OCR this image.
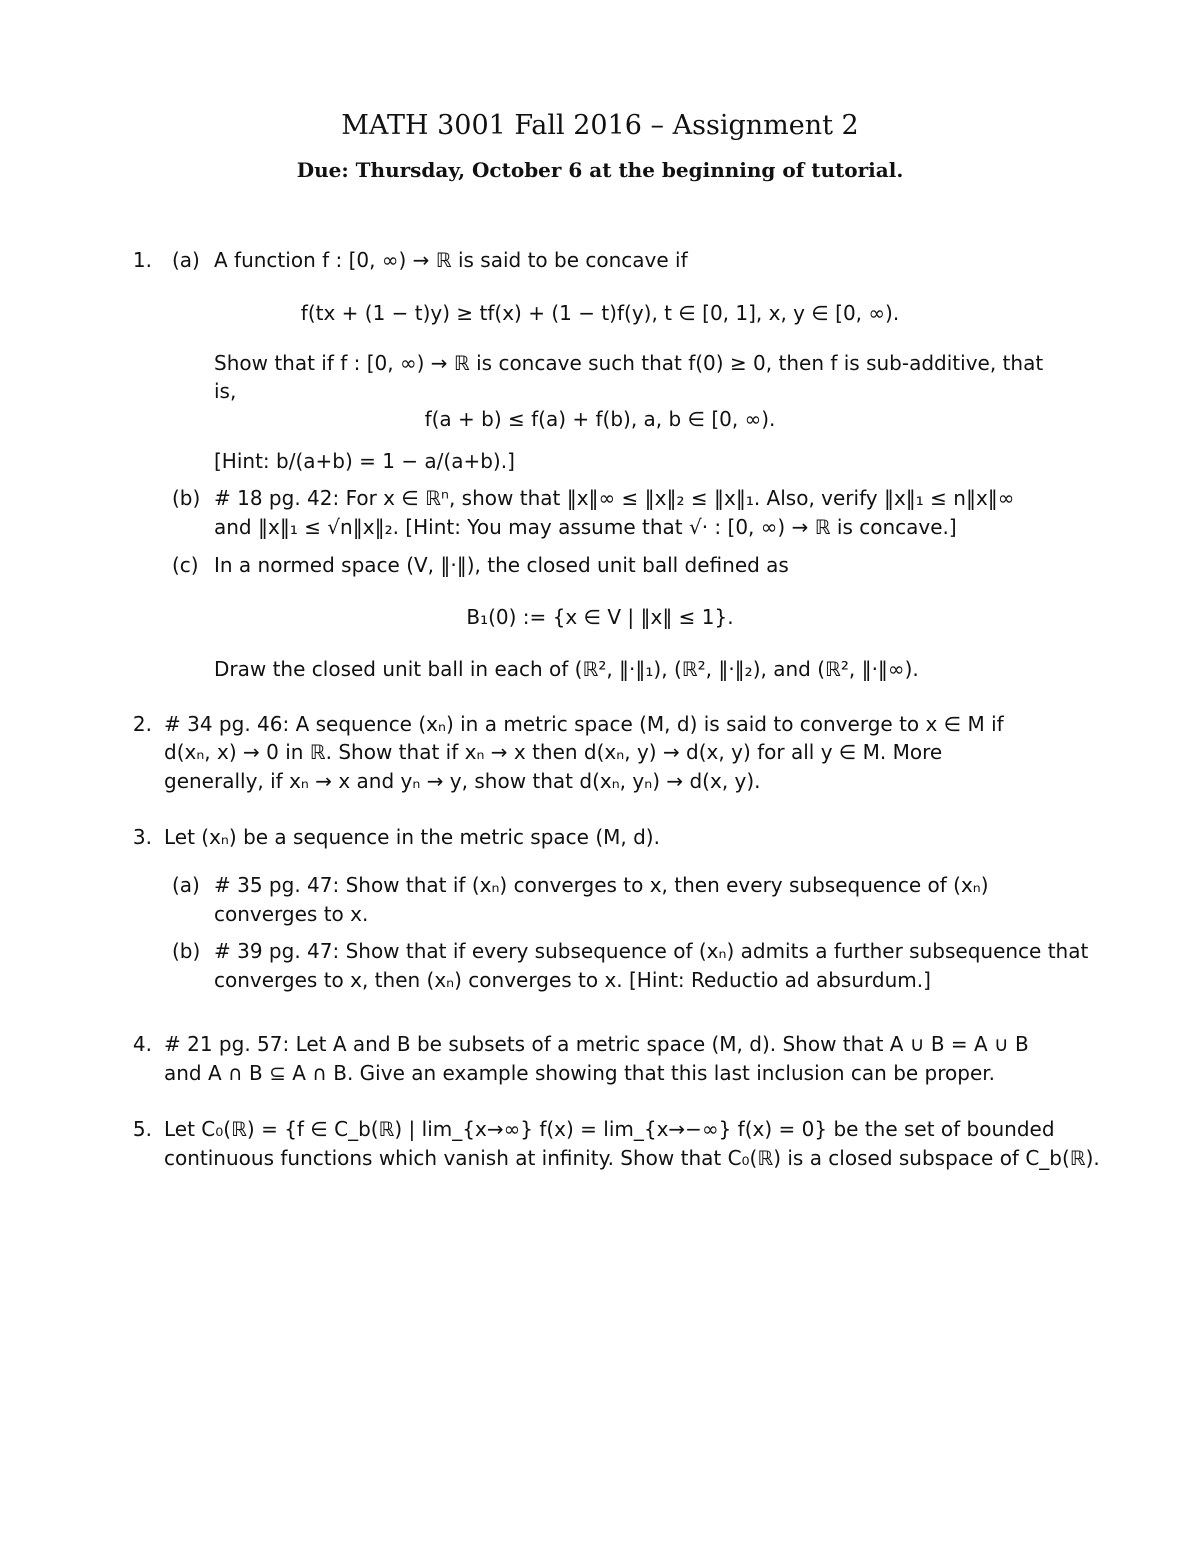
MATH 3001 Fall 2016 – Assignment 2
Due: Thursday, October 6 at the beginning of tutorial.
1. (a) A function f : [0, ∞) → ℝ is said to be concave if
f(tx + (1 − t)y) ≥ tf(x) + (1 − t)f(y), t ∈ [0, 1], x, y ∈ [0, ∞).
Show that if f : [0, ∞) → ℝ is concave such that f(0) ≥ 0, then f is sub-additive, that
is,
f(a + b) ≤ f(a) + f(b), a, b ∈ [0, ∞).
[Hint: b/(a+b) = 1 − a/(a+b).]
(b) # 18 pg. 42: For x ∈ ℝⁿ, show that ‖x‖∞ ≤ ‖x‖₂ ≤ ‖x‖₁. Also, verify ‖x‖₁ ≤ n‖x‖∞
and ‖x‖₁ ≤ √n‖x‖₂. [Hint: You may assume that √· : [0, ∞) → ℝ is concave.]
(c) In a normed space (V, ‖·‖), the closed unit ball defined as
B₁(0) := {x ∈ V | ‖x‖ ≤ 1}.
Draw the closed unit ball in each of (ℝ², ‖·‖₁), (ℝ², ‖·‖₂), and (ℝ², ‖·‖∞).
2. # 34 pg. 46: A sequence (xₙ) in a metric space (M, d) is said to converge to x ∈ M if
d(xₙ, x) → 0 in ℝ. Show that if xₙ → x then d(xₙ, y) → d(x, y) for all y ∈ M. More
generally, if xₙ → x and yₙ → y, show that d(xₙ, yₙ) → d(x, y).
3. Let (xₙ) be a sequence in the metric space (M, d).
(a) # 35 pg. 47: Show that if (xₙ) converges to x, then every subsequence of (xₙ)
converges to x.
(b) # 39 pg. 47: Show that if every subsequence of (xₙ) admits a further subsequence that
converges to x, then (xₙ) converges to x. [Hint: Reductio ad absurdum.]
4. # 21 pg. 57: Let A and B be subsets of a metric space (M, d). Show that A ∪ B = A ∪ B
and A ∩ B ⊆ A ∩ B. Give an example showing that this last inclusion can be proper.
5. Let C₀(ℝ) = {f ∈ C_b(ℝ) | lim_{x→∞} f(x) = lim_{x→−∞} f(x) = 0} be the set of bounded
continuous functions which vanish at infinity. Show that C₀(ℝ) is a closed subspace of C_b(ℝ).
